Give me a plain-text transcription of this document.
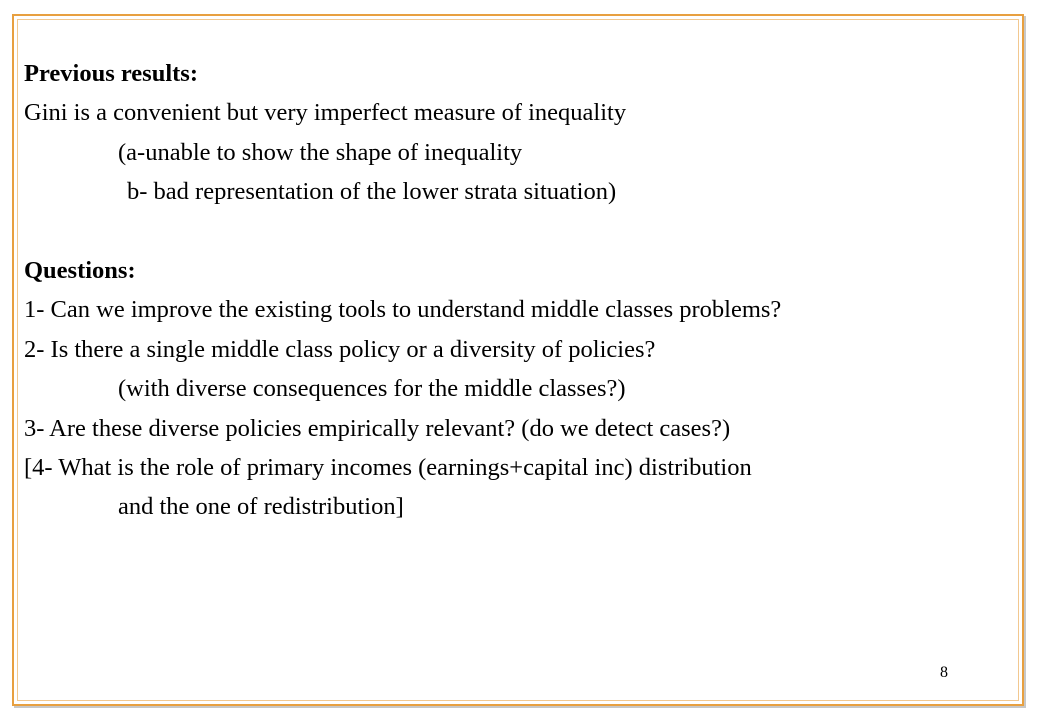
Previous results:
Gini is a convenient but very imperfect measure of inequality
(a-unable to show the shape of inequality
b- bad representation of the lower strata situation)
Questions:
1- Can we improve the existing tools to understand middle classes problems?
2- Is there a single middle class policy or a diversity of policies?
(with diverse consequences for the middle classes?)
3- Are these diverse policies empirically relevant? (do we detect cases?)
[4- What is the role of primary incomes (earnings+capital inc) distribution
and the one of redistribution]
8
